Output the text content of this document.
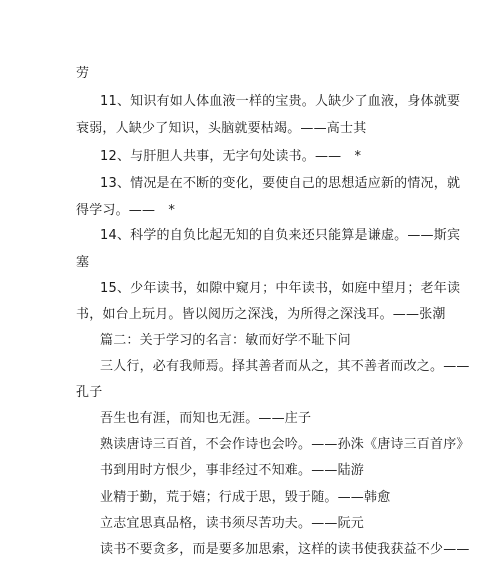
劳
11、知识有如人体血液一样的宝贵。人缺少了血液，身体就要
衰弱，人缺少了知识，头脑就要枯竭。——高士其
12、与肝胆人共事，无字句处读书。——　*
13、情况是在不断的变化，要使自己的思想适应新的情况，就
得学习。——　*
14、科学的自负比起无知的自负来还只能算是谦虚。——斯宾
塞
15、少年读书，如隙中窥月；中年读书，如庭中望月；老年读
书，如台上玩月。皆以阅历之深浅，为所得之深浅耳。——张潮
篇二：关于学习的名言：敏而好学不耻下问
三人行，必有我师焉。择其善者而从之，其不善者而改之。——
孔子
吾生也有涯，而知也无涯。——庄子
熟读唐诗三百首，不会作诗也会吟。——孙洙《唐诗三百首序》
书到用时方恨少，事非经过不知难。——陆游
业精于勤，荒于嬉；行成于思，毁于随。——韩愈
立志宜思真品格，读书须尽苦功夫。——阮元
读书不要贪多，而是要多加思索，这样的读书使我获益不少——
